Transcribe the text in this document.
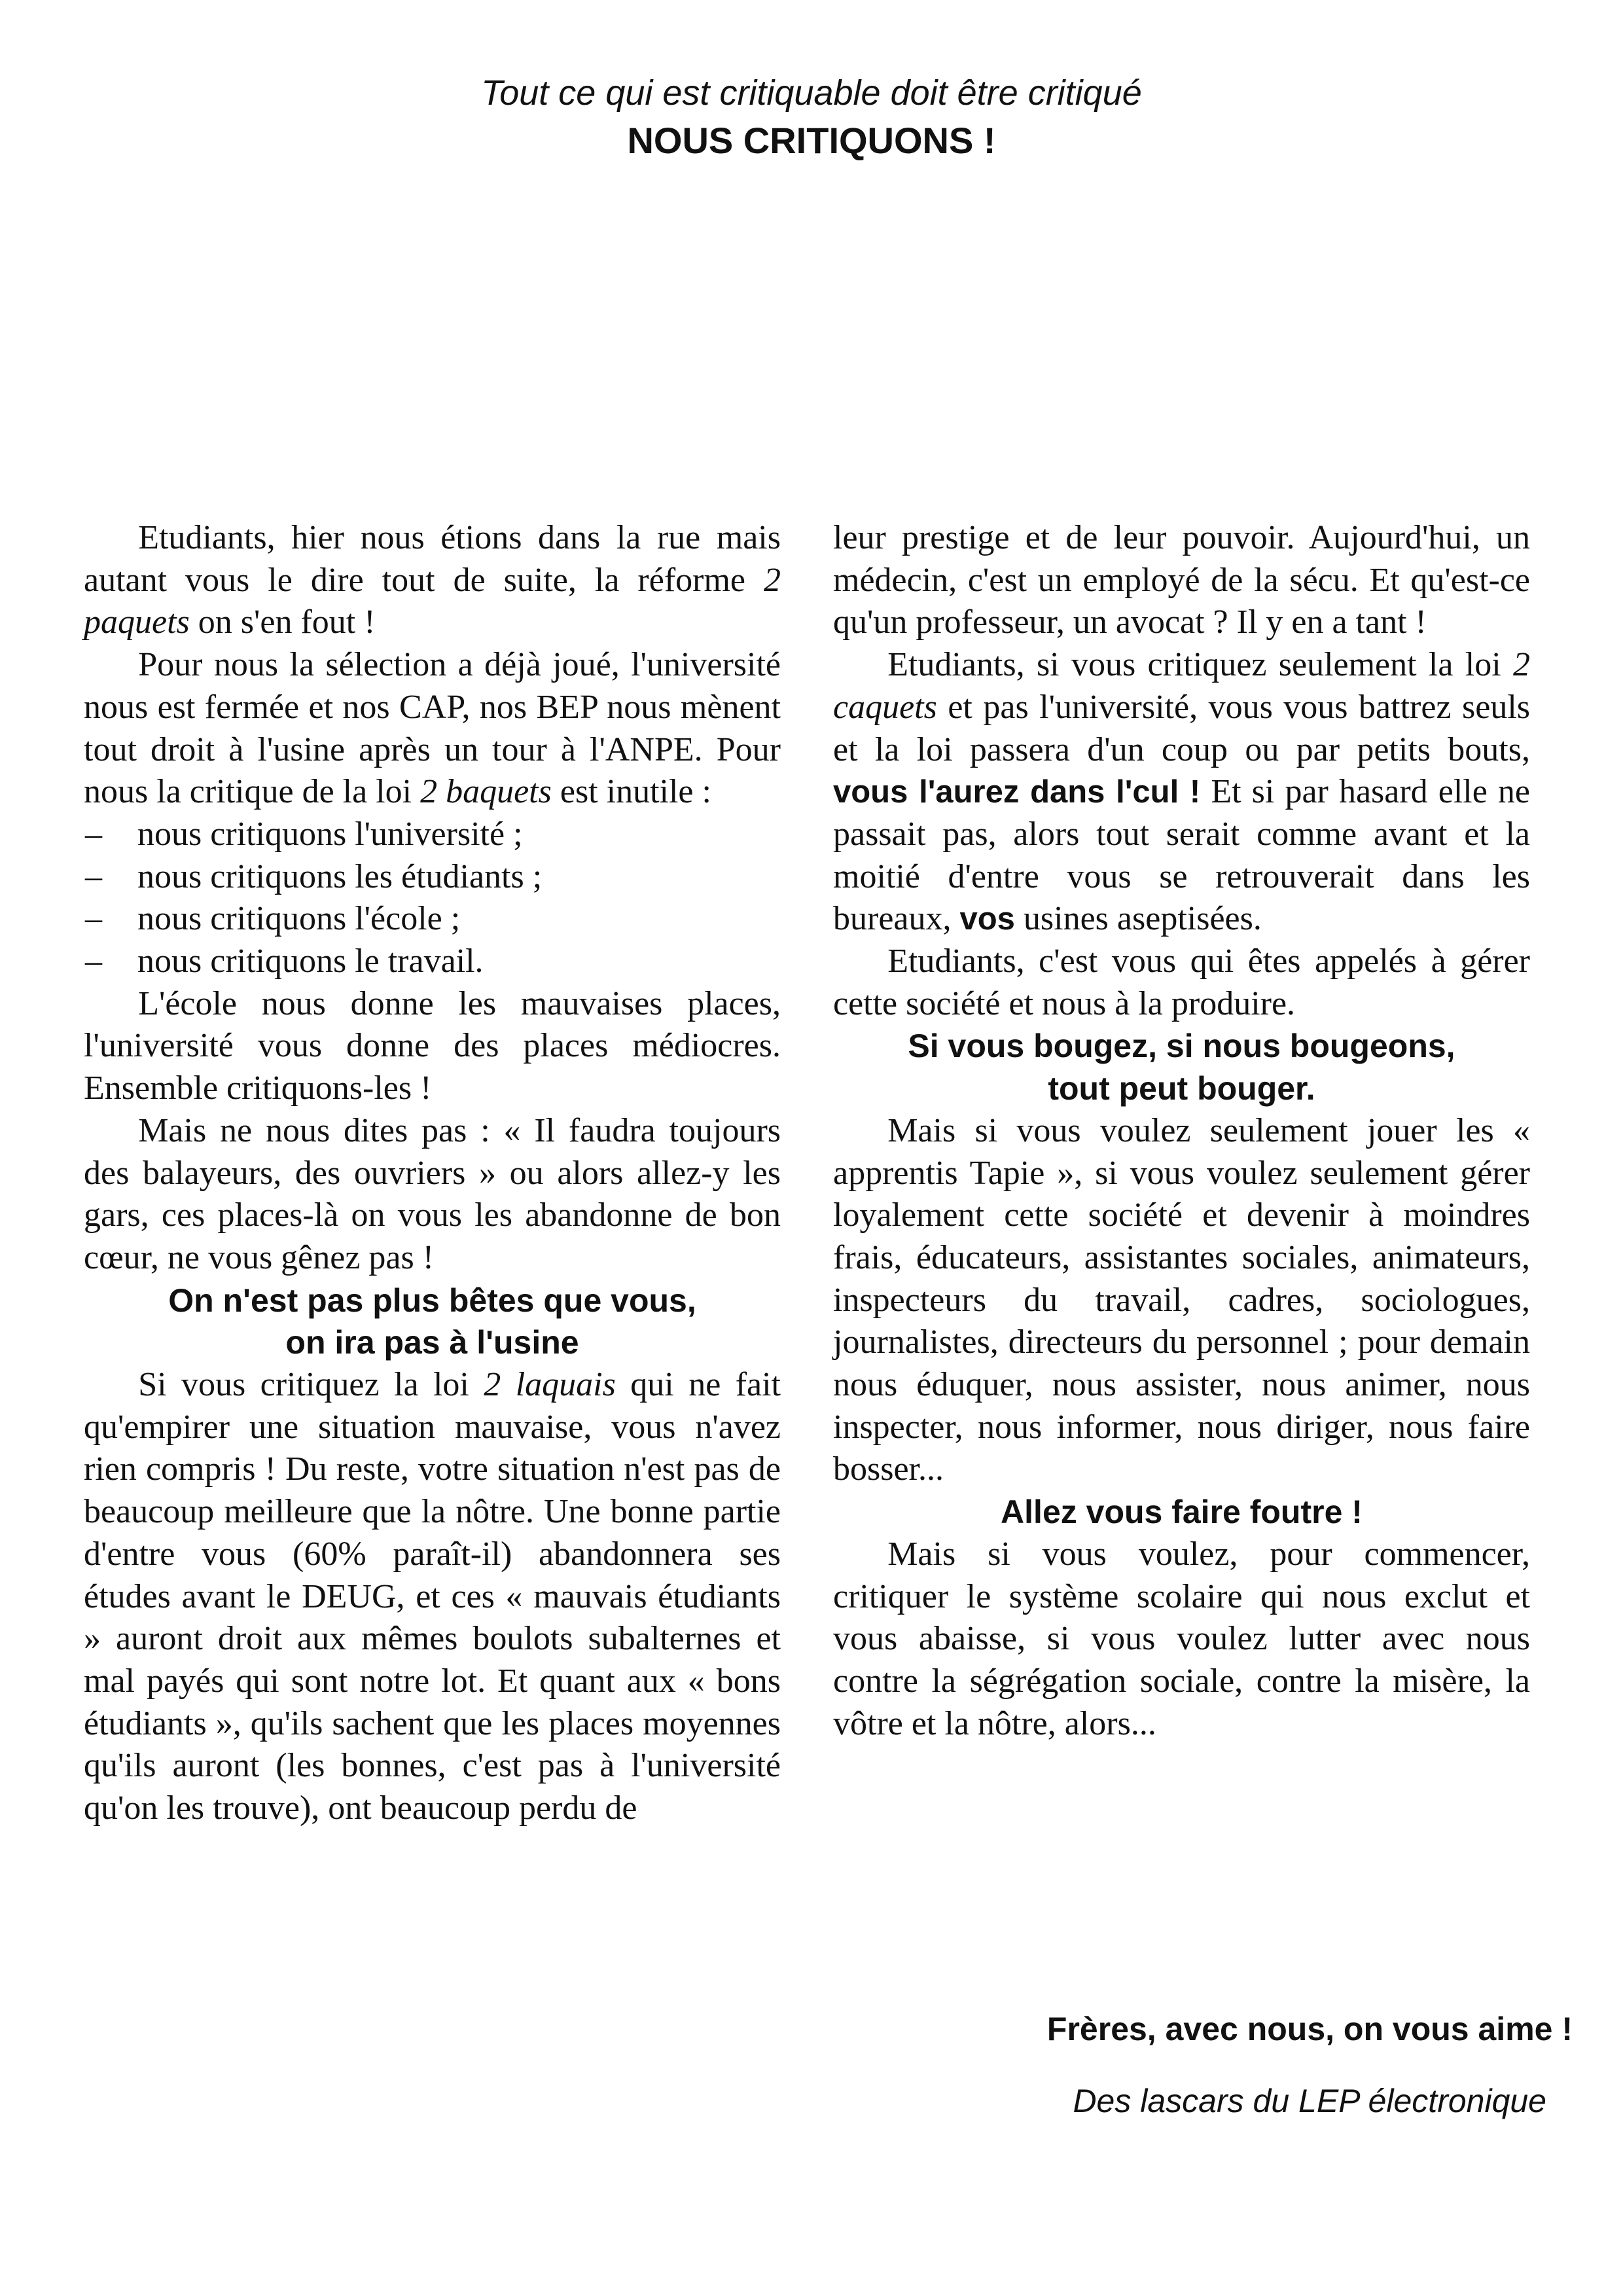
Tout ce qui est critiquable doit être critiqué
NOUS CRITIQUONS !

Etudiants, hier nous étions dans la rue mais autant vous le dire tout de suite, la réforme 2 paquets on s'en fout !

Pour nous la sélection a déjà joué, l'université nous est fermée et nos CAP, nos BEP nous mènent tout droit à l'usine après un tour à l'ANPE. Pour nous la critique de la loi 2 baquets est inutile :

– nous critiquons l'université ;
– nous critiquons les étudiants ;
– nous critiquons l'école ;
– nous critiquons le travail.

L'école nous donne les mauvaises places, l'université vous donne des places médiocres. Ensemble critiquons-les !

Mais ne nous dites pas : « Il faudra toujours des balayeurs, des ouvriers » ou alors allez-y les gars, ces places-là on vous les abandonne de bon cœur, ne vous gênez pas !

On n'est pas plus bêtes que vous,
on ira pas à l'usine

Si vous critiquez la loi 2 laquais qui ne fait qu'empirer une situation mauvaise, vous n'avez rien compris ! Du reste, votre situation n'est pas de beaucoup meilleure que la nôtre. Une bonne partie d'entre vous (60% paraît-il) abandonnera ses études avant le DEUG, et ces « mauvais étudiants » auront droit aux mêmes boulots subalternes et mal payés qui sont notre lot. Et quant aux « bons étudiants », qu'ils sachent que les places moyennes qu'ils auront (les bonnes, c'est pas à l'université qu'on les trouve), ont beaucoup perdu de

leur prestige et de leur pouvoir. Aujourd'hui, un médecin, c'est un employé de la sécu. Et qu'est-ce qu'un professeur, un avocat ? Il y en a tant !

Etudiants, si vous critiquez seulement la loi 2 caquets et pas l'université, vous vous battrez seuls et la loi passera d'un coup ou par petits bouts, vous l'aurez dans l'cul ! Et si par hasard elle ne passait pas, alors tout serait comme avant et la moitié d'entre vous se retrouverait dans les bureaux, vos usines aseptisées.

Etudiants, c'est vous qui êtes appelés à gérer cette société et nous à la produire.

Si vous bougez, si nous bougeons,
tout peut bouger.

Mais si vous voulez seulement jouer les « apprentis Tapie », si vous voulez seulement gérer loyalement cette société et devenir à moindres frais, éducateurs, assistantes sociales, animateurs, inspecteurs du travail, cadres, sociologues, journalistes, directeurs du personnel ; pour demain nous éduquer, nous assister, nous animer, nous inspecter, nous informer, nous diriger, nous faire bosser...

Allez vous faire foutre !

Mais si vous voulez, pour commencer, critiquer le système scolaire qui nous exclut et vous abaisse, si vous voulez lutter avec nous contre la ségrégation sociale, contre la misère, la vôtre et la nôtre, alors...

Frères, avec nous, on vous aime !
Des lascars du LEP électronique
